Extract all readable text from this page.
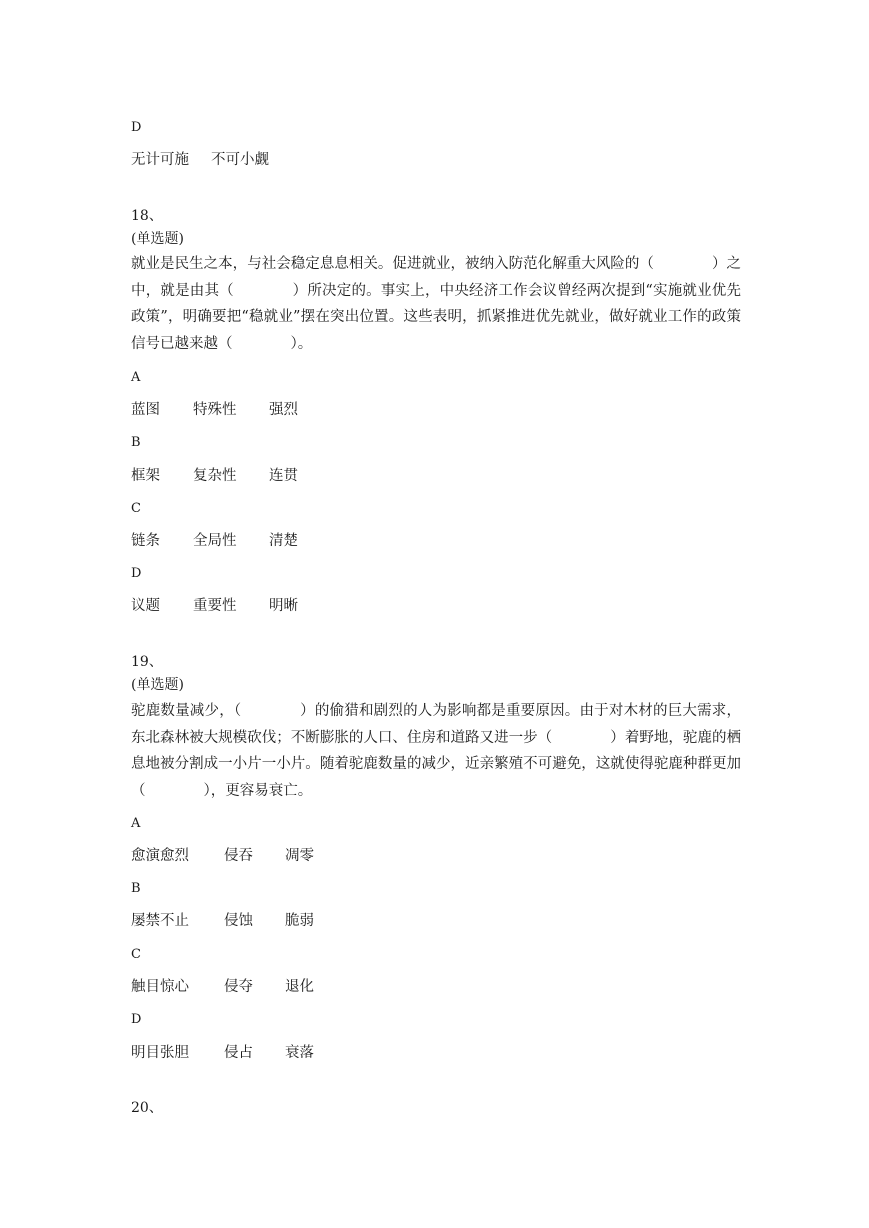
D
无计可施 不可小觑
18、
(单选题)
就业是民生之本，与社会稳定息息相关。促进就业，被纳入防范化解重大风险的（　　　　）之中，就是由其（　　　　）所决定的。事实上，中央经济工作会议曾经两次提到“实施就业优先政策”，明确要把“稳就业”摆在突出位置。这些表明，抓紧推进优先就业，做好就业工作的政策信号已越来越（　　　　）。
A
蓝图	特殊性	强烈
B
框架	复杂性	连贯
C
链条	全局性	清楚
D
议题	重要性	明晰
19、
(单选题)
驼鹿数量减少，（　　　　）的偷猎和剧烈的人为影响都是重要原因。由于对木材的巨大需求，东北森林被大规模砍伐；不断膨胀的人口、住房和道路又进一步（　　　　）着野地，驼鹿的栖息地被分割成一小片一小片。随着驼鹿数量的减少，近亲繁殖不可避免，这就使得驼鹿种群更加（　　　　），更容易衰亡。
A
愈演愈烈	侵吞	凋零
B
屡禁不止	侵蚀	脆弱
C
触目惊心	侵夺	退化
D
明目张胆	侵占	衰落
20、
